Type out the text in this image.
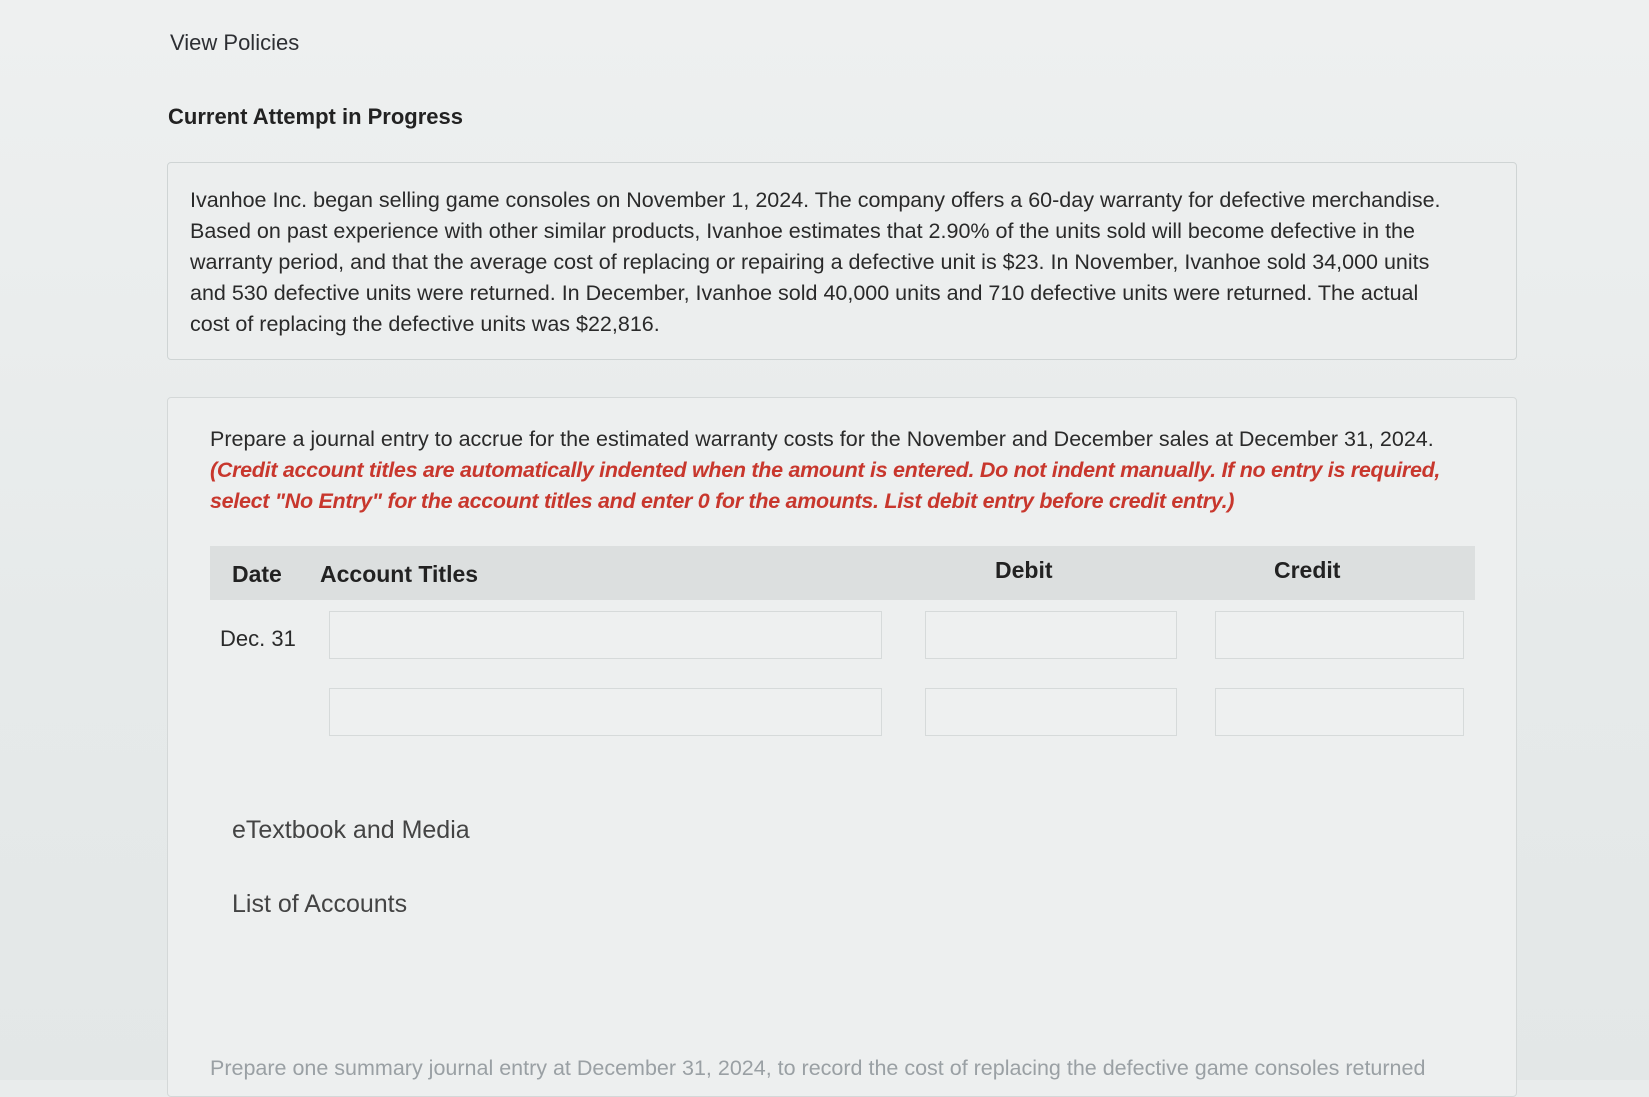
View Policies
Current Attempt in Progress
Ivanhoe Inc. began selling game consoles on November 1, 2024. The company offers a 60-day warranty for defective merchandise. Based on past experience with other similar products, Ivanhoe estimates that 2.90% of the units sold will become defective in the warranty period, and that the average cost of replacing or repairing a defective unit is $23. In November, Ivanhoe sold 34,000 units and 530 defective units were returned. In December, Ivanhoe sold 40,000 units and 710 defective units were returned. The actual cost of replacing the defective units was $22,816.
Prepare a journal entry to accrue for the estimated warranty costs for the November and December sales at December 31, 2024.
(Credit account titles are automatically indented when the amount is entered. Do not indent manually. If no entry is required, select "No Entry" for the account titles and enter 0 for the amounts. List debit entry before credit entry.)
Date Account Titles	Debit	Credit
Dec. 31
eTextbook and Media
List of Accounts
Prepare one summary journal entry at December 31, 2024, to record the cost of replacing the defective game consoles returned
